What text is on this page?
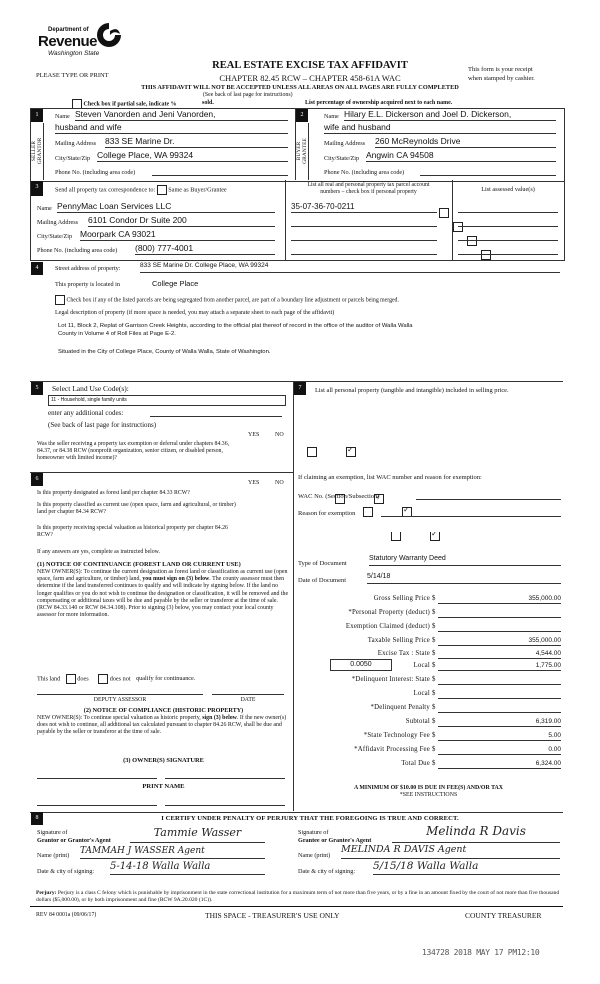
Department of
Revenue
Washington State
PLEASE TYPE OR PRINT
REAL ESTATE EXCISE TAX AFFIDAVIT
CHAPTER 82.45 RCW – CHAPTER 458-61A WAC
This form is your receipt
when stamped by cashier.
THIS AFFIDAVIT WILL NOT BE ACCEPTED UNLESS ALL AREAS ON ALL PAGES ARE FULLY COMPLETED
(See back of last page for instructions)
Check box if partial sale, indicate %	sold.	List percentage of ownership acquired next to each name.
1
SELLER GRANTOR
Name Steven Vanorden and Jeni Vanorden,
husband and wife
Mailing Address 833 SE Marine Dr.
City/State/Zip College Place, WA 99324
Phone No. (including area code)
2
BUYER GRANTEE
Name Hilary E.L. Dickerson and Joel D. Dickerson,
wife and husband
Mailing Address 260 McReynolds Drive
City/State/Zip Angwin CA 94508
Phone No. (including area code)
3	Send all property tax correspondence to: Same as Buyer/Grantee
Name PennyMac Loan Services LLC
Mailing Address 6101 Condor Dr Suite 200
City/State/Zip Moorpark CA 93021
Phone No. (including area code) (800) 777-4001
List all real and personal property tax parcel account
numbers – check box if personal property	List assessed value(s)
35-07-36-70-0211

4	Street address of property:	833 SE Marine Dr. College Place, WA 99324
This property is located in	College Place
Check box if any of the listed parcels are being segregated from another parcel, are part of a boundary line adjustment or parcels being merged.
Legal description of property (if more space is needed, you may attach a separate sheet to each page of the affidavit)
Lot 11, Block 2, Replat of Garrison Creek Heights, according to the official plat thereof of record in the office of the auditor of Walla Walla
County in Volume 4 of Roll Files at Page E-2.
Situated in the City of College Place, County of Walla Walla, State of Washington.
5	Select Land Use Code(s):
11 - Household, single family units
enter any additional codes:
(See back of last page for instructions)
YES	NO
Was the seller receiving a property tax exemption or deferral under chapters 84.36, 84.37, or 84.38 RCW (nonprofit organization, senior citizen, or disabled person, homeowner with limited income)?
✓
6
YES	NO
Is this property designated as forest land per chapter 84.33 RCW?
✓
Is this property classified as current use (open space, farm and agricultural, or timber) land per chapter 84.34 RCW?
✓
Is this property receiving special valuation as historical property per chapter 84.26 RCW?
✓
If any answers are yes, complete as instructed below.
(1) NOTICE OF CONTINUANCE (FOREST LAND OR CURRENT USE)
NEW OWNER(S): To continue the current designation as forest land or classification as current use (open space, farm and agriculture, or timber) land, you must sign on (3) below. The county assessor must then determine if the land transferred continues to qualify and will indicate by signing below. If the land no longer qualifies or you do not wish to continue the designation or classification, it will be removed and the compensating or additional taxes will be due and payable by the seller or transferor at the time of sale. (RCW 84.33.140 or RCW 84.34.108). Prior to signing (3) below, you may contact your local county assessor for more information.
This land	does	does not qualify for continuance.
DEPUTY ASSESSOR	DATE
(2) NOTICE OF COMPLIANCE (HISTORIC PROPERTY)
NEW OWNER(S): To continue special valuation as historic property, sign (3) below. If the new owner(s) does not wish to continue, all additional tax calculated pursuant to chapter 84.26 RCW, shall be due and payable by the seller or transferor at the time of sale.
(3) OWNER(S) SIGNATURE
PRINT NAME
7	List all personal property (tangible and intangible) included in selling price.
If claiming an exemption, list WAC number and reason for exemption:
WAC No. (Section/Subsection)
Reason for exemption
Type of Document
Statutory Warranty Deed
Date of Document
5/14/18
Gross Selling Price $	355,000.00
*Personal Property (deduct) $
Exemption Claimed (deduct) $
Taxable Selling Price $	355,000.00
Excise Tax : State $	4,544.00
0.0050	Local $	1,775.00
*Delinquent Interest: State $
Local $
*Delinquent Penalty $
Subtotal $	6,319.00
*State Technology Fee $	5.00
*Affidavit Processing Fee $	0.00
Total Due $	6,324.00
A MINIMUM OF $10.00 IS DUE IN FEE(S) AND/OR TAX
*SEE INSTRUCTIONS
8	I CERTIFY UNDER PENALTY OF PERJURY THAT THE FOREGOING IS TRUE AND CORRECT.
Signature of
Grantor or Grantor's Agent
Tammie Wasser
Name (print) TAMMAH J WASSER Agent
Date & city of signing: 5-14-18 Walla Walla
Signature of
Grantee or Grantee's Agent
Melinda R Davis
Name (print)
MELINDA R DAVIS Agent
Date & city of signing: 5/15/18 Walla Walla
Perjury: Perjury is a class C felony which is punishable by imprisonment in the state correctional institution for a maximum term of not more than five years, or by a fine in an amount fixed by the court of not more than five thousand dollars ($5,000.00), or by both imprisonment and fine (RCW 9A.20.020 (1C)).
REV 84 0001a (09/06/17)	THIS SPACE - TREASURER'S USE ONLY	COUNTY TREASURER
134728 2018 MAY 17 PM12:10
